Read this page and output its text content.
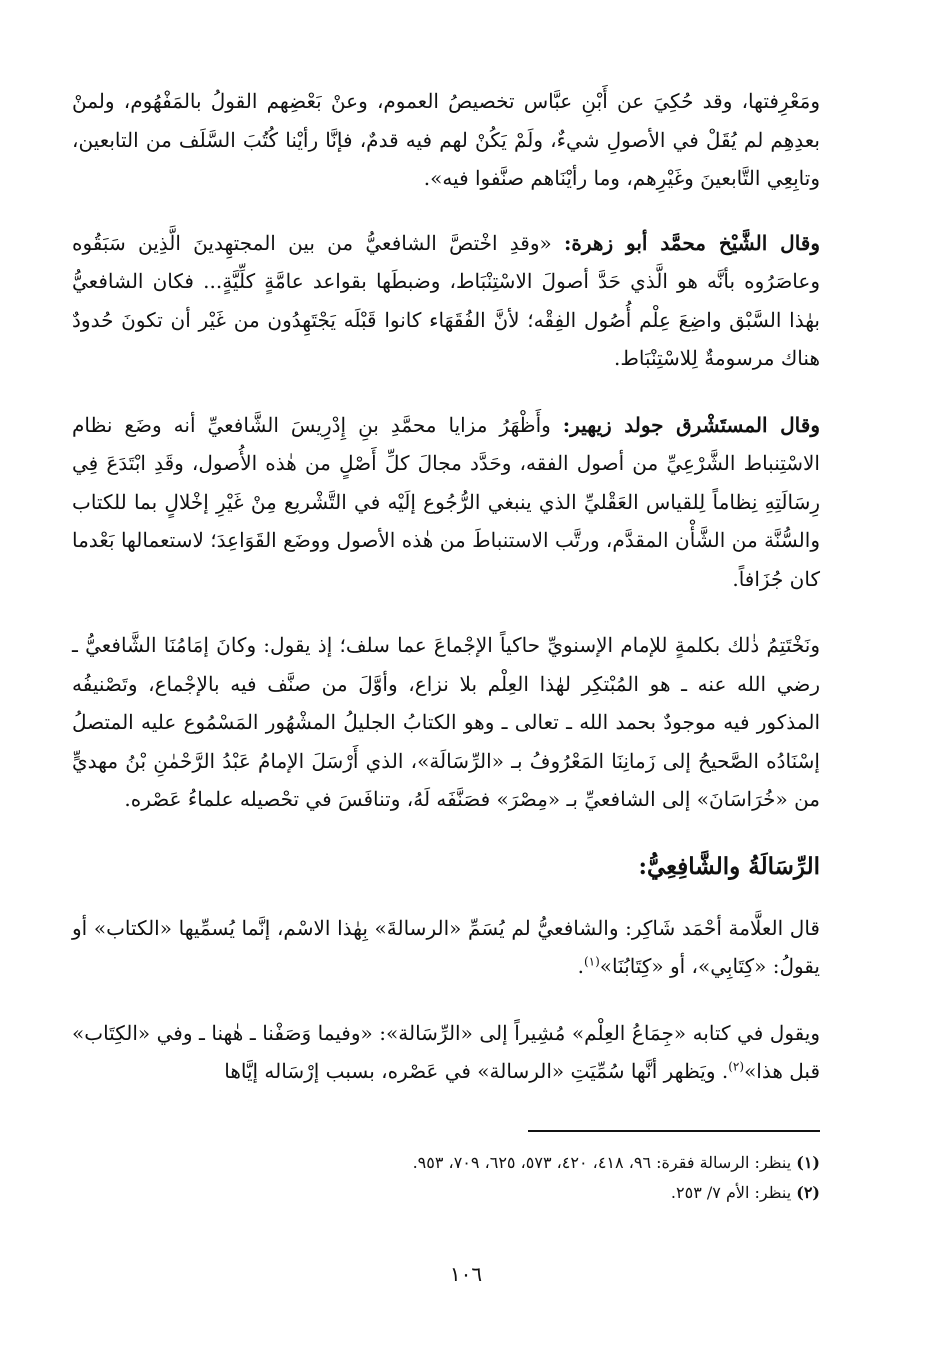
ومَعْرِفتها، وقد حُكِيَ عن أَبْنِ عبَّاس تخصيصُ العموم، وعنْ بَعْضِهم القولُ بالمَفْهُوم، ولمنْ بعدِهِم لم يُقَلْ في الأصولِ شيءٌ، ولَمْ يَكُنْ لهم فيه قدمٌ، فإنَّا رأيْنا كُتُبَ السَّلَف من التابعين، وتابِعِي التَّابعينَ وغَيْرِهم، وما رأيْنَاهم صنَّفوا فيه».

وقال الشَّيْخ محمَّد أبو زهرة: «وقدِ اخْتصَّ الشافعيُّ من بين المجتهِدينَ الَّذِين سَبَقُوه وعاصَرُوه بأنَّه هو الَّذي حَدَّ أصولَ الاسْتِنْبَاط، وضبطَها بقواعد عامَّةٍ كلِّيَّةٍ... فكان الشافعيُّ بهٰذا السَّبْق واضِعَ عِلْم أُصُول الفِقْه؛ لأنَّ الفُقَهَاء كانوا قَبْلَه يَجْتَهِدُون من غَيْر أن تكونَ حُدودٌ هناك مرسومةٌ لِلاسْتِنْبَاط.

وقال المستَشْرق جولد زيهير: وأَظْهَرُ مزايا محمَّدِ بنِ إِدْرِيسَ الشَّافعيِّ أنه وضَع نظام الاسْتِنباط الشَّرْعِيِّ من أصول الفقه، وحَدَّد مجالَ كلِّ أَصْلٍ من هٰذه الأُصول، وقَدِ ابْتَدَعَ فِي رِسَالَتِهِ نِظاماً لِلقياس العَقْليِّ الذي ينبغي الرُّجُوع إلَيْه في التَّشْريع مِنْ غَيْرِ إخْلالٍ بما للكتاب والسُّنَّة من الشَّأْن المقدَّم، ورتَّب الاستنباطَ من هٰذه الأصول ووضَع القَوَاعِدَ؛ لاستعمالها بَعْدما كان جُزَافاً.

ونَخْتَتِمُ ذٰلك بكلمةٍ للإمام الإسنويِّ حاكياً الإجْماعَ عما سلف؛ إذ يقول: وكانَ إمَامُنَا الشَّافعيُّ ـ رضي الله عنه ـ هو المُبْتكِر لهٰذا العِلْم بلا نزاع، وأوَّلَ من صنَّف فيه بالإجْماع، وتَصْنيفُه المذكور فيه موجودٌ بحمد الله ـ تعالى ـ وهو الكتابُ الجليلُ المشْهُور المَسْمُوع عليه المتصلُ إسْنَادُه الصَّحيحُ إلى زَمانِنَا المَعْرُوفُ بـ «الرِّسَالَة»، الذي أَرْسَلَ الإمامُ عَبْدُ الرَّحْمٰنِ بْنُ مهديٍّ من «خُرَاسَانَ» إلى الشافعيِّ بـ «مِصْرَ» فصَنَّفَه لَهُ، وتنافَسَ في تحْصيله علماءُ عَصْره.

الرِّسَالَةُ والشَّافِعِيُّ:

قال العلَّامة أحْمَد شَاكِر: والشافعيُّ لم يُسَمِّ «الرسالةَ» بِهٰذا الاسْم، إنَّما يُسمِّيها «الكتاب» أو يقولُ: «كِتَابِي»، أو «كِتَابُنَا»$^{(١)}$.

ويقول في كتابه «جِمَاعُ العِلْم» مُشِيراً إلى «الرِّسَالة»: «وفيما وَصَفْنا ـ هٰهنا ـ وفي «الكِتَاب» قبل هذا»$^{(٢)}$. ويَظهر أنَّها سُمِّيَتِ «الرسالة» في عَصْره، بسبب إرْسَاله إيَّاها

(١) ينظر: الرسالة فقرة: ٩٦، ٤١٨، ٤٢٠، ٥٧٣، ٦٢٥، ٧٠٩، ٩٥٣.
(٢) ينظر: الأم ٧/ ٢٥٣.
١٠٦
